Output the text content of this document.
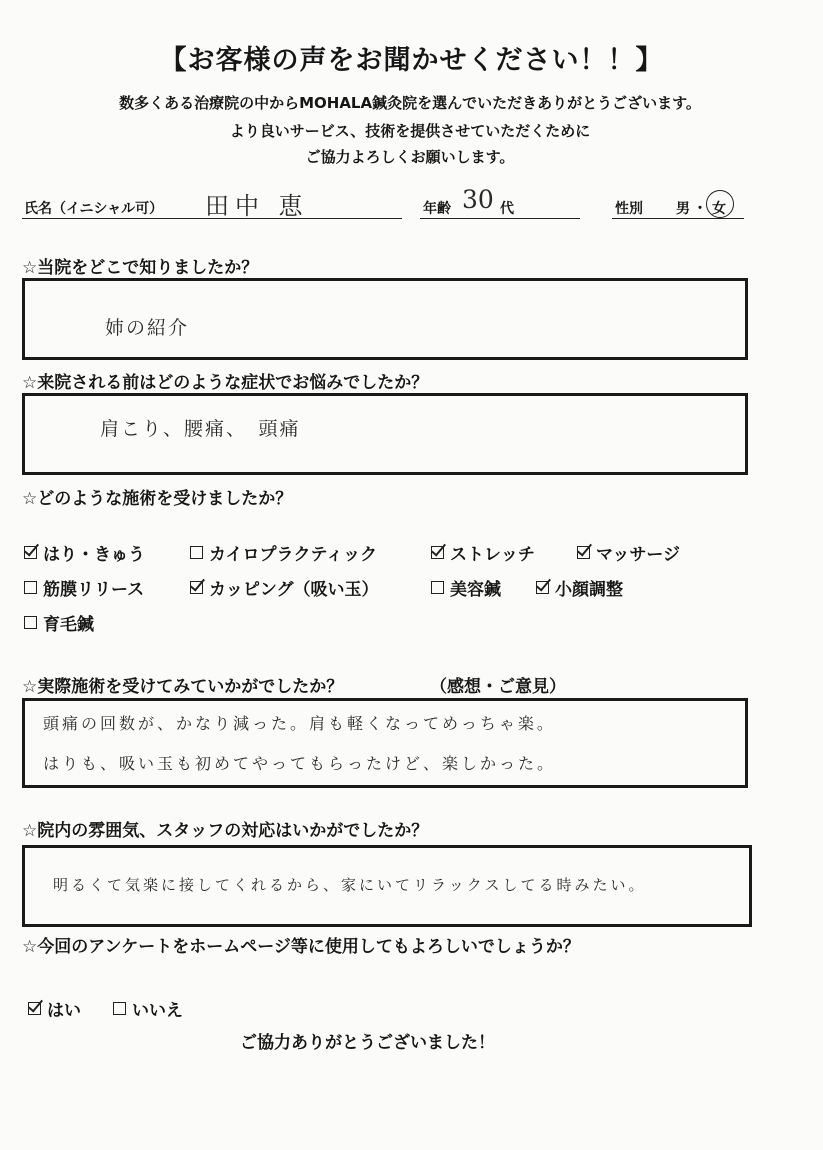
【お客様の声をお聞かせください！！】
数多くある治療院の中からMOHALA鍼灸院を選んでいただきありがとうございます。
より良いサービス、技術を提供させていただくために
ご協力よろしくお願いします。
氏名（イニシャル可） 田中 恵	年齢 30 代	性別 男 ・ 女
☆当院をどこで知りましたか？
姉の紹介
☆来院される前はどのような症状でお悩みでしたか？
肩こり、腰痛、　頭痛
☆どのような施術を受けましたか？
はり・きゅう	カイロプラクティック	ストレッチ	マッサージ
筋膜リリース	カッピング（吸い玉）	美容鍼	小顔調整
育毛鍼
☆実際施術を受けてみていかがでしたか？	（感想・ご意見）
頭痛の回数が、かなり減った。肩も軽くなってめっちゃ楽。
はりも、吸い玉も初めてやってもらったけど、楽しかった。
☆院内の雰囲気、スタッフの対応はいかがでしたか？
明るくて気楽に接してくれるから、家にいてリラックスしてる時みたい。
☆今回のアンケートをホームページ等に使用してもよろしいでしょうか？
はい	いいえ
ご協力ありがとうございました！
